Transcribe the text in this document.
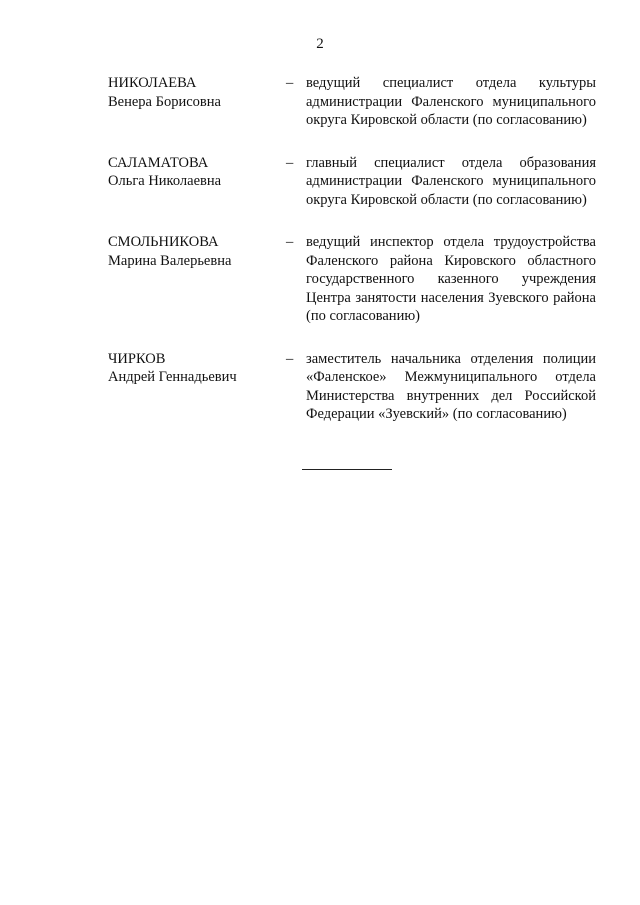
2
НИКОЛАЕВА
Венера Борисовна
– ведущий специалист отдела культуры администрации Фаленского муниципального округа Кировской области (по согласованию)
САЛАМАТОВА
Ольга Николаевна
– главный специалист отдела образования администрации Фаленского муниципального округа Кировской области (по согласованию)
СМОЛЬНИКОВА
Марина Валерьевна
– ведущий инспектор отдела трудоустройства Фаленского района Кировского областного государственного казенного учреждения Центра занятости населения Зуевского района (по согласованию)
ЧИРКОВ
Андрей Геннадьевич
– заместитель начальника отделения полиции «Фаленское» Межмуниципального отдела Министерства внутренних дел Российской Федерации «Зуевский» (по согласованию)
